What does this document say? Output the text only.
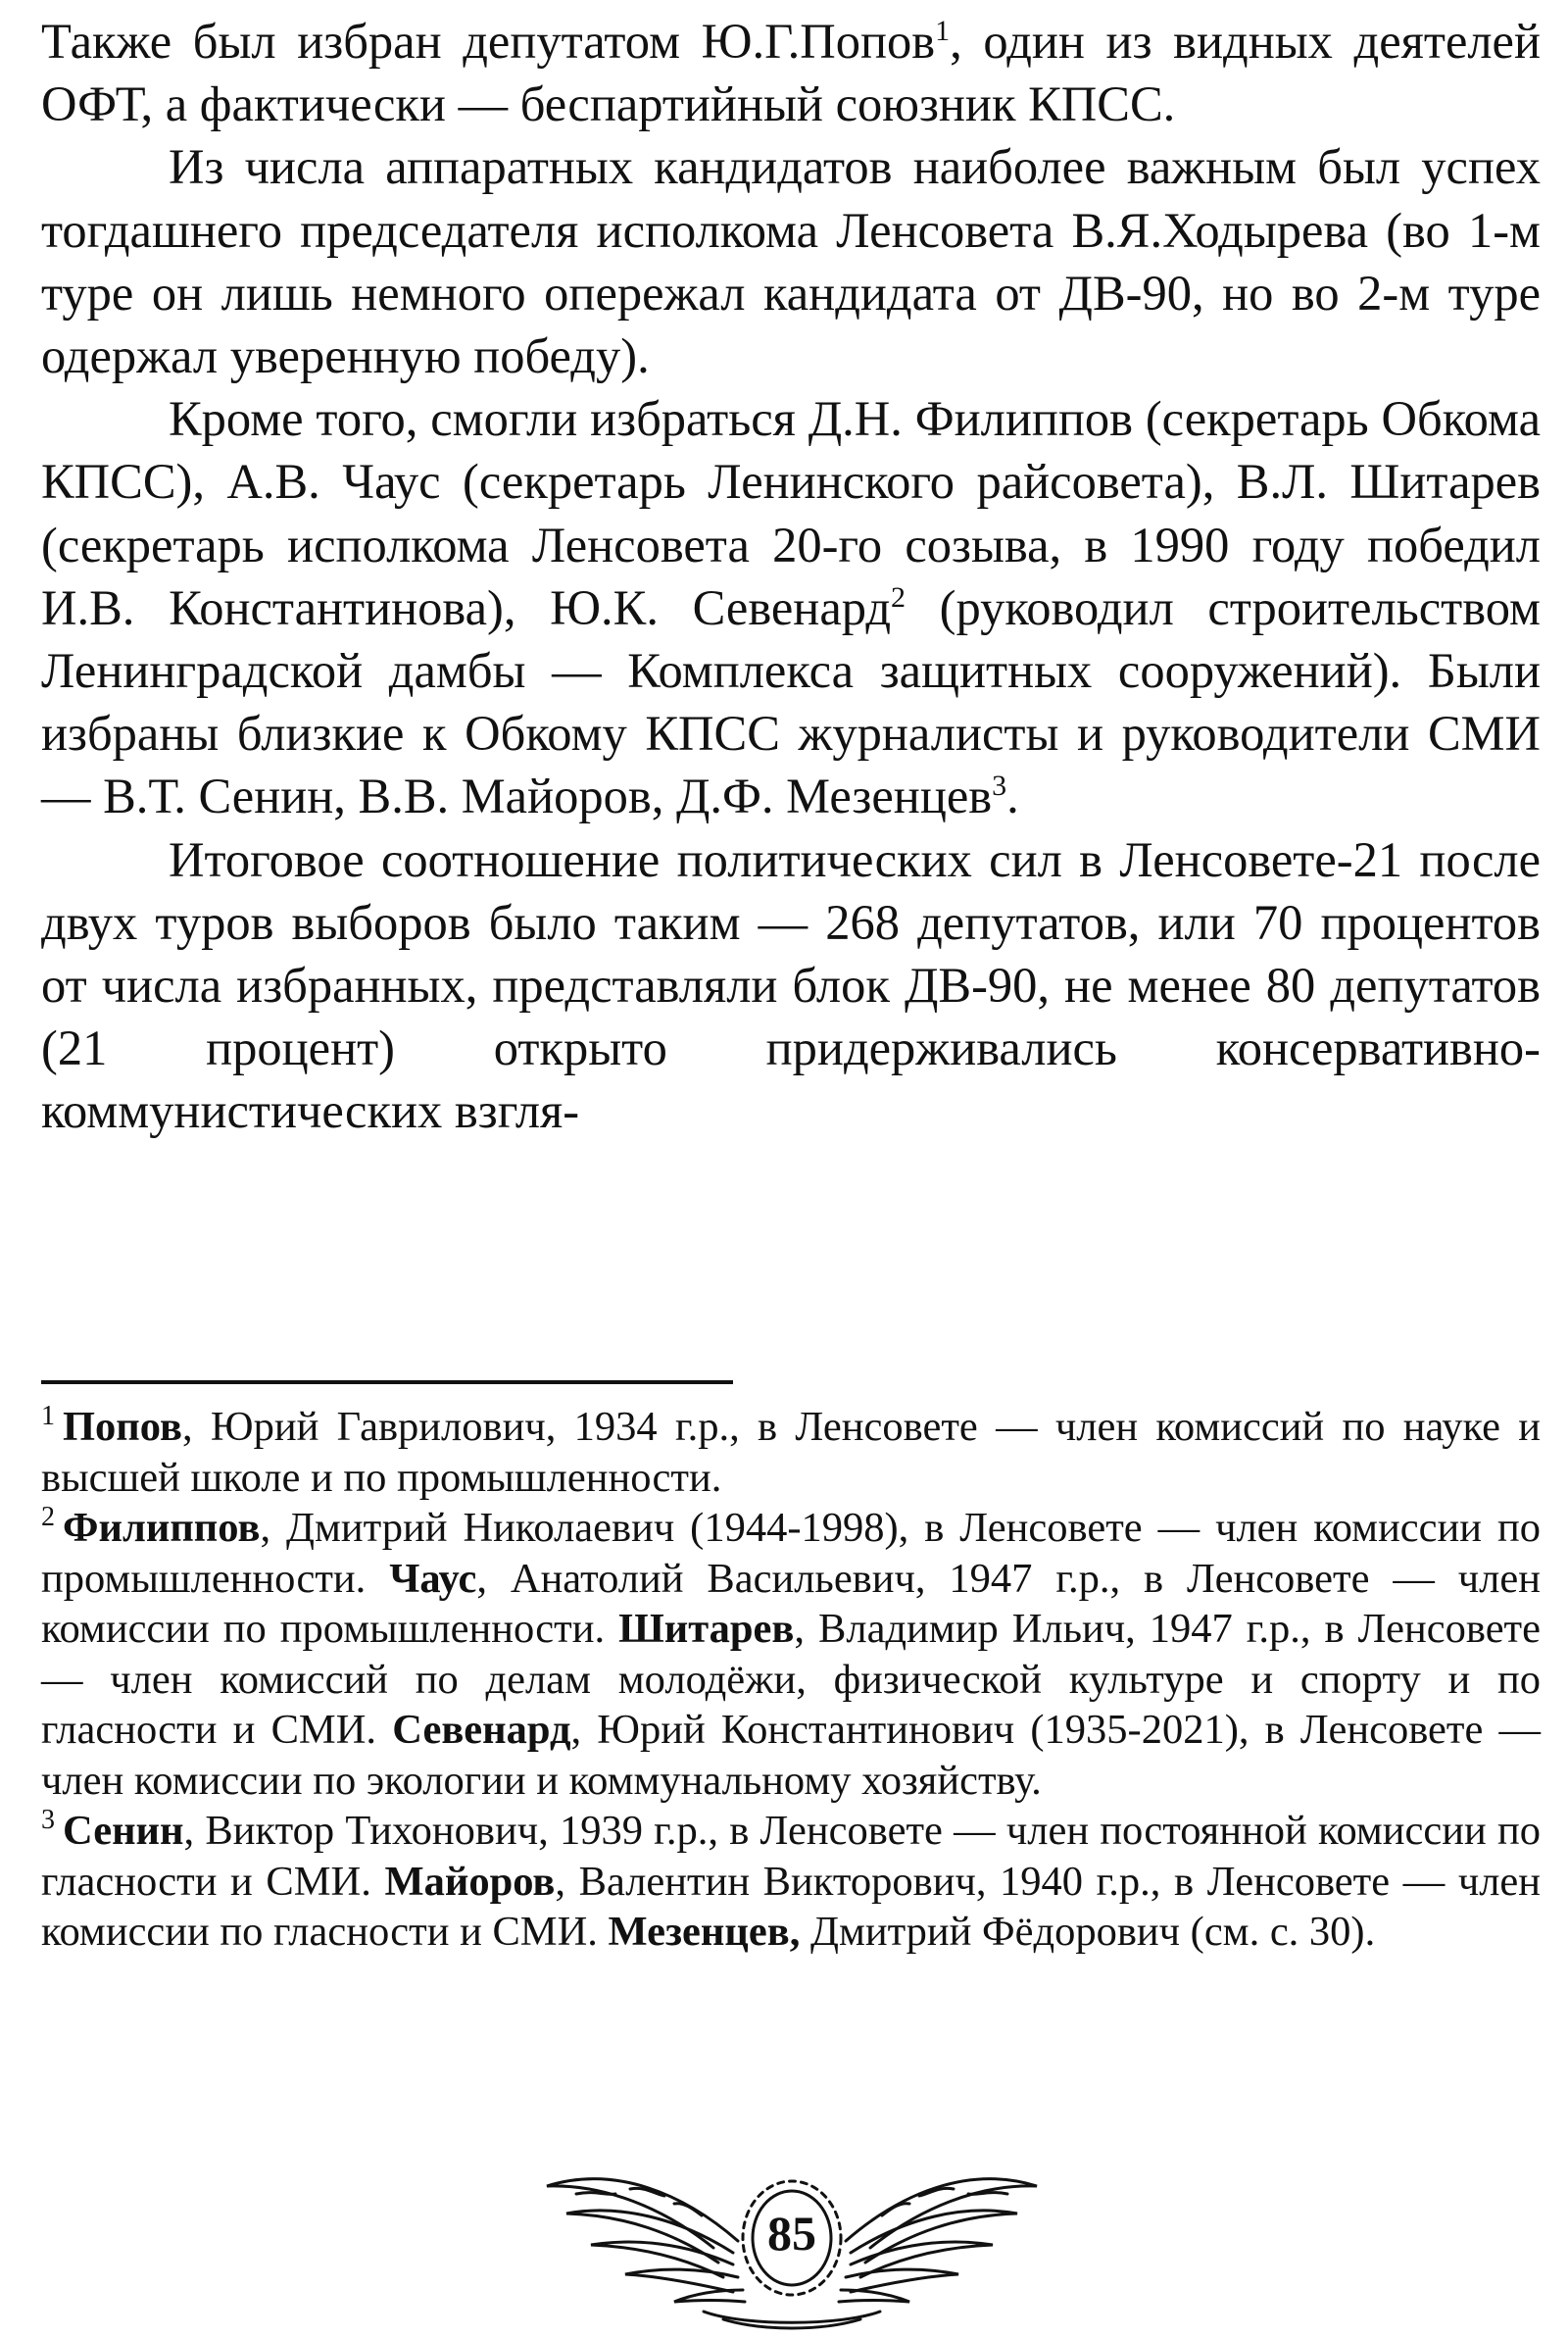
Также был избран депутатом Ю.Г.Попов$^1$, один из видных деятелей ОФТ, а фактически — беспартийный союзник КПСС.

Из числа аппаратных кандидатов наиболее важным был успех тогдашнего председателя исполкома Ленсовета В.Я.Ходырева (во 1-м туре он лишь немного опережал кандидата от ДВ-90, но во 2-м туре одержал уверенную победу).

Кроме того, смогли избраться Д.Н. Филиппов (секретарь Обкома КПСС), А.В. Чаус (секретарь Ленинского райсовета), В.Л. Шитарев (секретарь исполкома Ленсовета 20-го созыва, в 1990 году победил И.В. Константинова), Ю.К. Севенард$^2$ (руководил строительством Ленинградской дамбы — Комплекса защитных сооружений). Были избраны близкие к Обкому КПСС журналисты и руководители СМИ — В.Т. Сенин, В.В. Майоров, Д.Ф. Мезенцев$^3$.

Итоговое соотношение политических сил в Ленсовете-21 после двух туров выборов было таким — 268 депутатов, или 70 процентов от числа избранных, представляли блок ДВ-90, не менее 80 депутатов (21 процент) открыто придерживались консервативно-коммунистических взгля-

$^1$ Попов, Юрий Гаврилович, 1934 г.р., в Ленсовете — член комиссий по науке и высшей школе и по промышленности.

$^2$ Филиппов, Дмитрий Николаевич (1944-1998), в Ленсовете — член комиссии по промышленности. Чаус, Анатолий Васильевич, 1947 г.р., в Ленсовете — член комиссии по промышленности. Шитарев, Владимир Ильич, 1947 г.р., в Ленсовете — член комиссий по делам молодёжи, физической культуре и спорту и по гласности и СМИ. Севенард, Юрий Константинович (1935-2021), в Ленсовете — член комиссии по экологии и коммунальному хозяйству.

$^3$ Сенин, Виктор Тихонович, 1939 г.р., в Ленсовете — член постоянной комиссии по гласности и СМИ. Майоров, Валентин Викторович, 1940 г.р., в Ленсовете — член комиссии по гласности и СМИ. Мезенцев, Дмитрий Фёдорович (см. с. 30).

85
